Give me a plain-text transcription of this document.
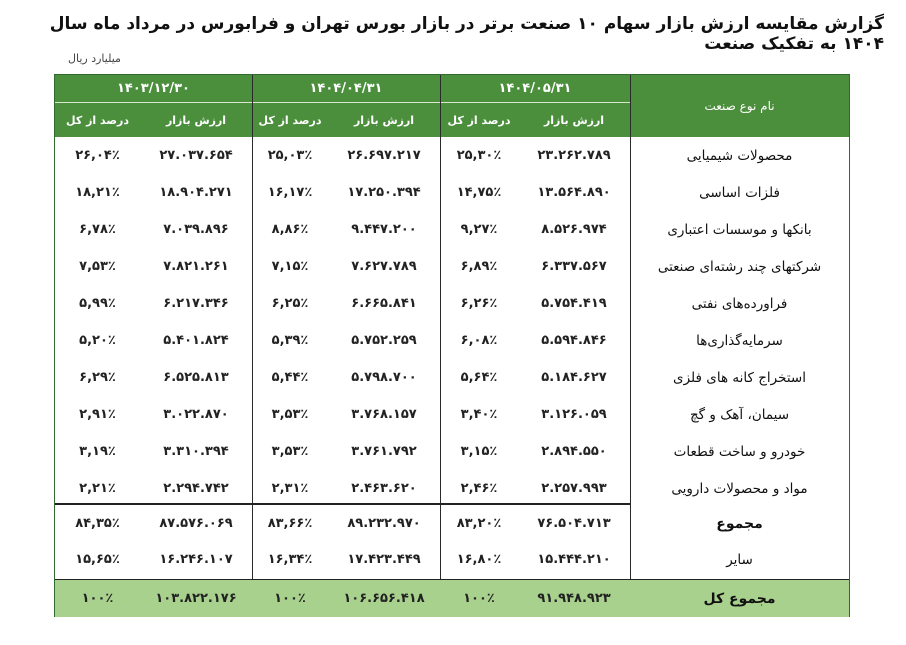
گزارش مقایسه ارزش بازار سهام ۱۰ صنعت برتر در بازار بورس تهران و فرابورس در مرداد ماه سال ۱۴۰۴ به تفکیک صنعت
میلیارد ریال
نام نوع صنعت
۱۴۰۴/۰۵/۳۱
ارزش بازار
درصد از کل
۱۴۰۴/۰۴/۳۱
ارزش بازار
درصد از کل
۱۴۰۳/۱۲/۳۰
ارزش بازار
درصد از کل
محصولات شیمیایی
۲۳.۲۶۲.۷۸۹
۲۵,۳۰٪
۲۶.۶۹۷.۲۱۷
۲۵,۰۳٪
۲۷.۰۳۷.۶۵۴
۲۶,۰۴٪
فلزات اساسی
۱۳.۵۶۴.۸۹۰
۱۴,۷۵٪
۱۷.۲۵۰.۳۹۴
۱۶,۱۷٪
۱۸.۹۰۴.۲۷۱
۱۸,۲۱٪
بانکها و موسسات اعتباری
۸.۵۲۶.۹۷۴
۹,۲۷٪
۹.۴۴۷.۲۰۰
۸,۸۶٪
۷.۰۳۹.۸۹۶
۶,۷۸٪
شرکتهای چند رشته‌ای صنعتی
۶.۳۳۷.۵۶۷
۶,۸۹٪
۷.۶۲۷.۷۸۹
۷,۱۵٪
۷.۸۲۱.۲۶۱
۷,۵۳٪
فراورده‌های نفتی
۵.۷۵۴.۴۱۹
۶,۲۶٪
۶.۶۶۵.۸۴۱
۶,۲۵٪
۶.۲۱۷.۳۴۶
۵,۹۹٪
سرمایه‌گذاری‌ها
۵.۵۹۴.۸۴۶
۶,۰۸٪
۵.۷۵۲.۲۵۹
۵,۳۹٪
۵.۴۰۱.۸۲۴
۵,۲۰٪
استخراج کانه های فلزی
۵.۱۸۴.۶۲۷
۵,۶۴٪
۵.۷۹۸.۷۰۰
۵,۴۴٪
۶.۵۲۵.۸۱۳
۶,۲۹٪
سیمان، آهک و گچ
۳.۱۲۶.۰۵۹
۳,۴۰٪
۳.۷۶۸.۱۵۷
۳,۵۳٪
۳.۰۲۲.۸۷۰
۲,۹۱٪
خودرو و ساخت قطعات
۲.۸۹۴.۵۵۰
۳,۱۵٪
۳.۷۶۱.۷۹۲
۳,۵۳٪
۳.۳۱۰.۳۹۴
۳,۱۹٪
مواد و محصولات دارویی
۲.۲۵۷.۹۹۳
۲,۴۶٪
۲.۴۶۳.۶۲۰
۲,۳۱٪
۲.۲۹۴.۷۴۲
۲,۲۱٪
مجموع
۷۶.۵۰۴.۷۱۳
۸۳,۲۰٪
۸۹.۲۳۲.۹۷۰
۸۳,۶۶٪
۸۷.۵۷۶.۰۶۹
۸۴,۳۵٪
سایر
۱۵.۴۴۴.۲۱۰
۱۶,۸۰٪
۱۷.۴۲۳.۴۴۹
۱۶,۳۴٪
۱۶.۲۴۶.۱۰۷
۱۵,۶۵٪
مجموع کل
۹۱.۹۴۸.۹۲۳
۱۰۰٪
۱۰۶.۶۵۶.۴۱۸
۱۰۰٪
۱۰۳.۸۲۲.۱۷۶
۱۰۰٪
